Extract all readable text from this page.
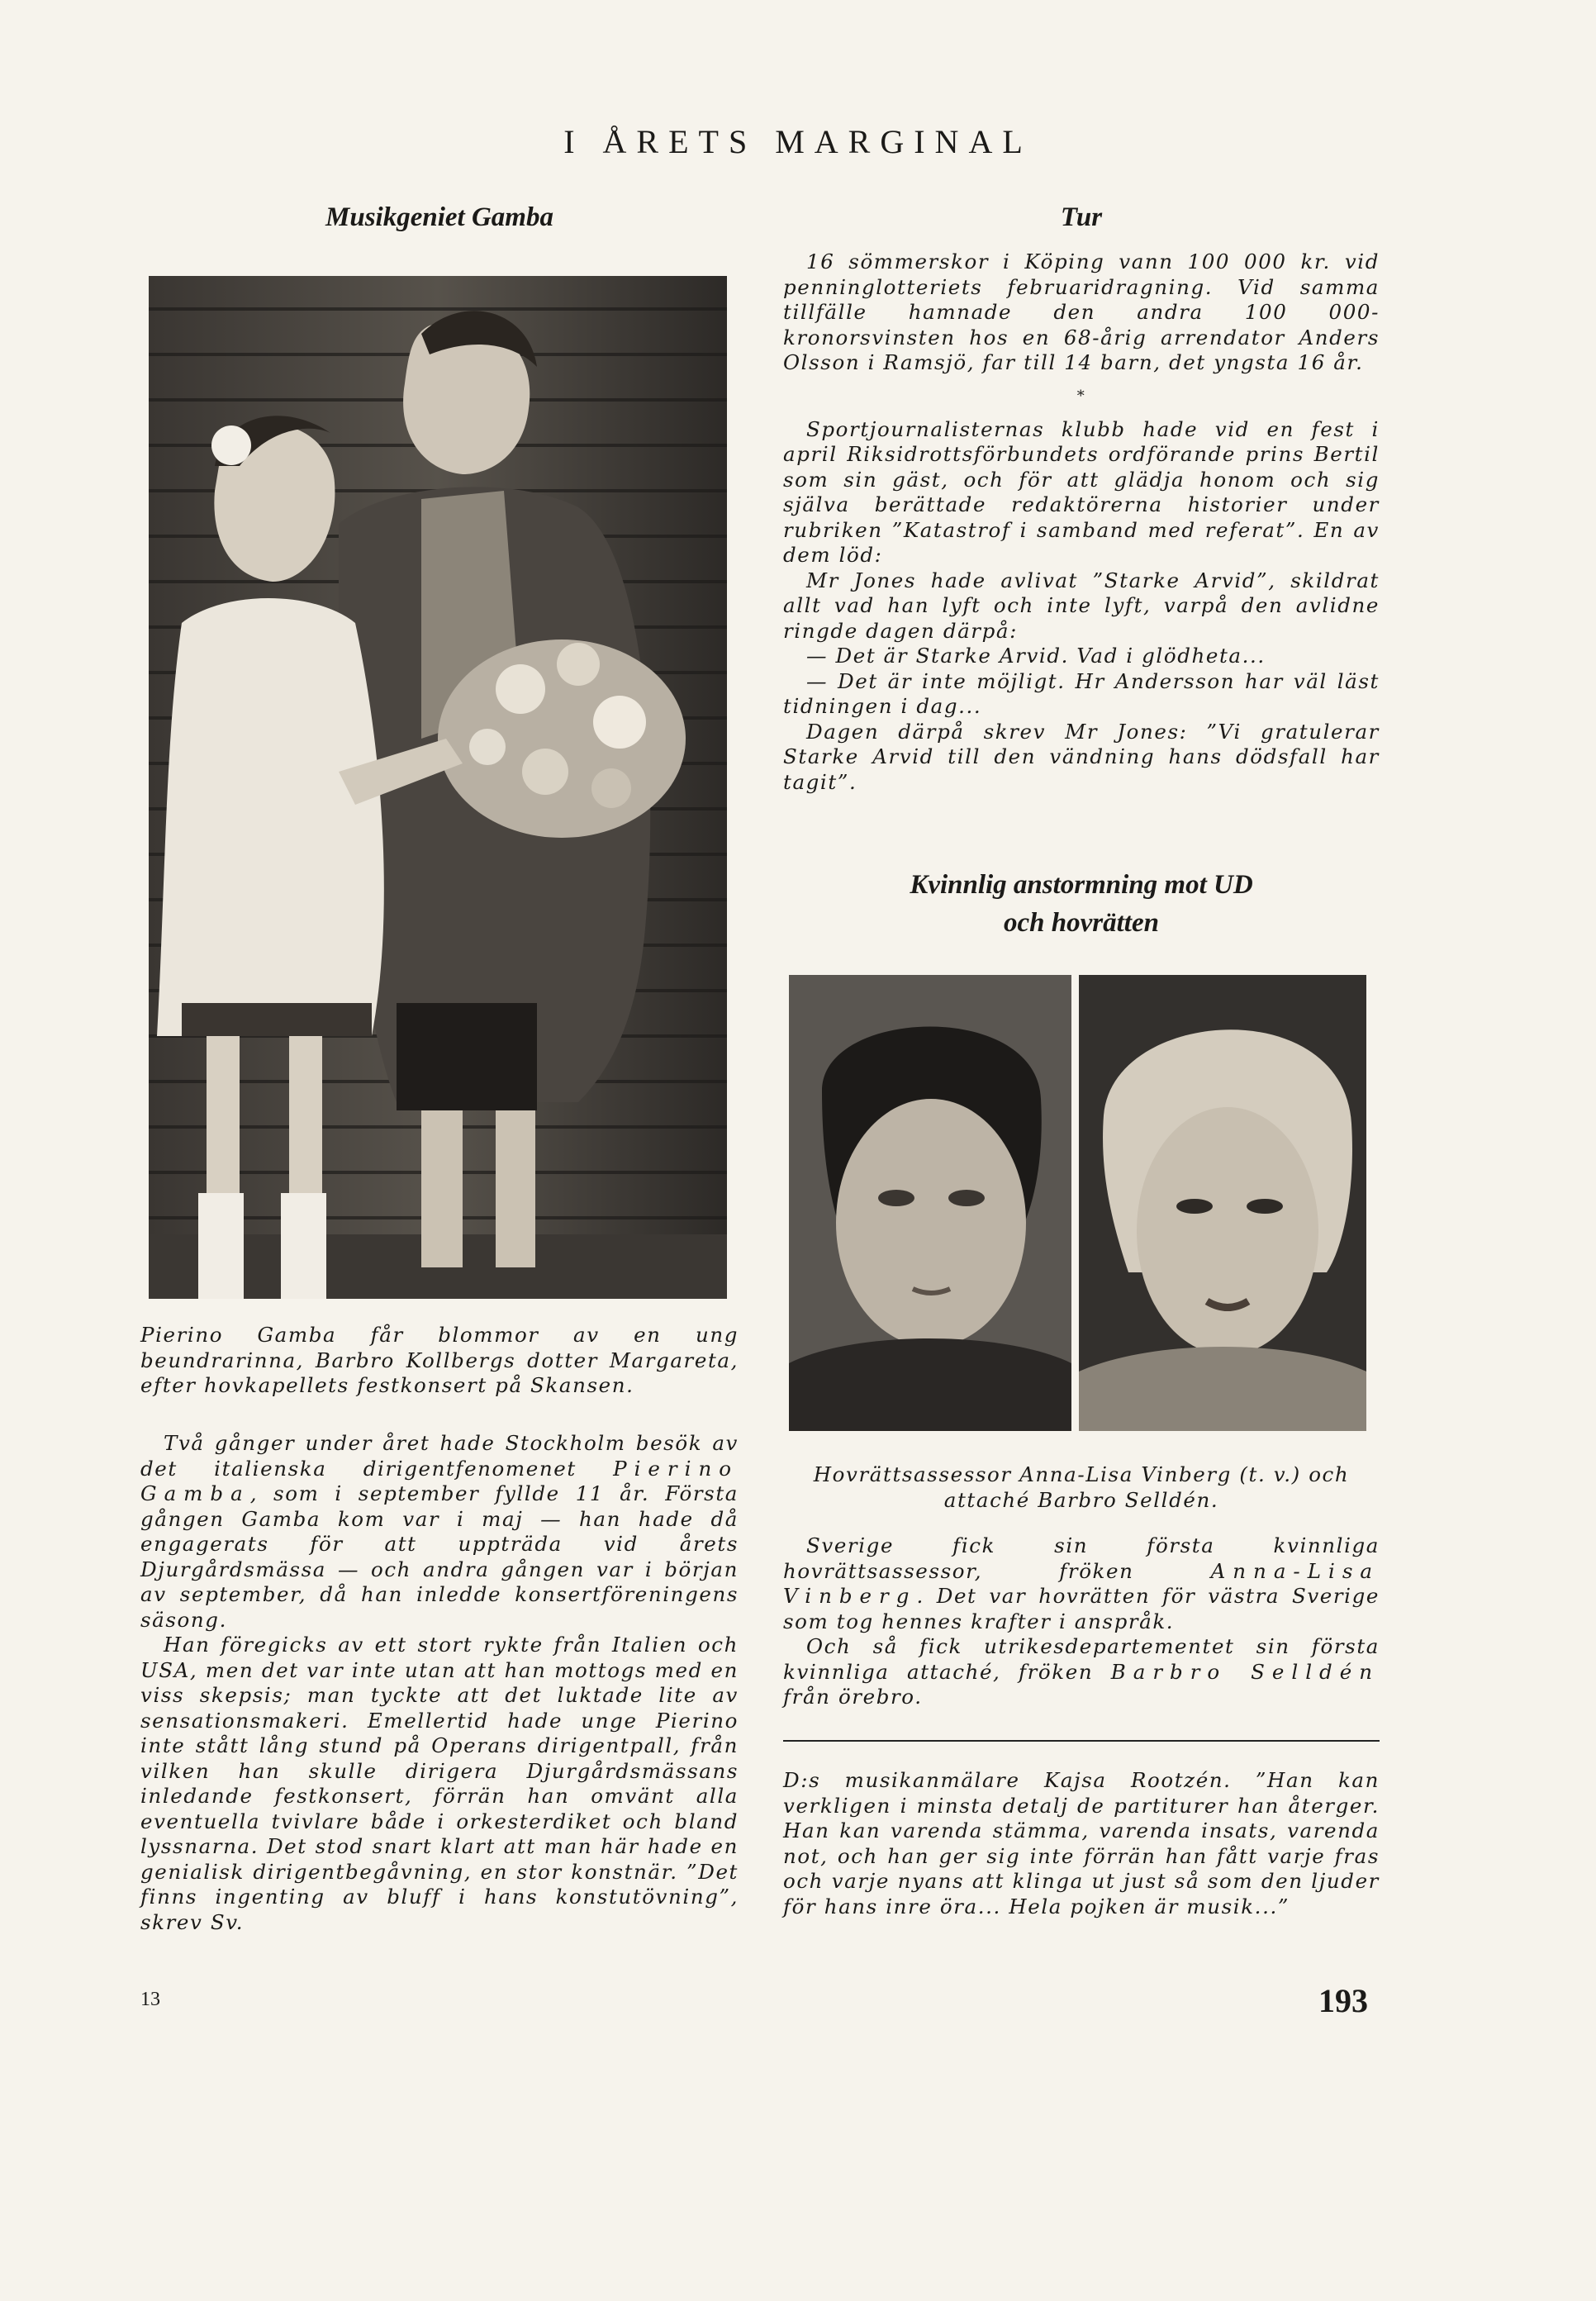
I ÅRETS MARGINAL
Musikgeniet Gamba

Pierino Gamba får blommor av en ung beundrarinna, Barbro Kollbergs dotter Margareta, efter hovkapellets festkonsert på Skansen.

Två gånger under året hade Stockholm besök av det italienska dirigentfenomenet Pierino Gamba, som i september fyllde 11 år. Första gången Gamba kom var i maj — han hade då engagerats för att uppträda vid årets Djurgårdsmässa — och andra gången var i början av september, då han inledde konsertföreningens säsong.

Han föregicks av ett stort rykte från Italien och USA, men det var inte utan att han mottogs med en viss skepsis; man tyckte att det luktade lite av sensationsmakeri. Emellertid hade unge Pierino inte stått lång stund på Operans dirigentpall, från vilken han skulle dirigera Djurgårdsmässans inledande festkonsert, förrän han omvänt alla eventuella tvivlare både i orkesterdiket och bland lyssnarna. Det stod snart klart att man här hade en genialisk dirigentbegåvning, en stor konstnär. ”Det finns ingenting av bluff i hans konstutövning”, skrev Sv.

Tur

16 sömmerskor i Köping vann 100 000 kr. vid penninglotteriets februaridragning. Vid samma tillfälle hamnade den andra 100 000-kronorsvinsten hos en 68-årig arrendator Anders Olsson i Ramsjö, far till 14 barn, det yngsta 16 år.

*

Sportjournalisternas klubb hade vid en fest i april Riksidrottsförbundets ordförande prins Bertil som sin gäst, och för att glädja honom och sig själva berättade redaktörerna historier under rubriken ”Katastrof i samband med referat”. En av dem löd:

Mr Jones hade avlivat ”Starke Arvid”, skildrat allt vad han lyft och inte lyft, varpå den avlidne ringde dagen därpå:

— Det är Starke Arvid. Vad i glödheta...

— Det är inte möjligt. Hr Andersson har väl läst tidningen i dag...

Dagen därpå skrev Mr Jones: ”Vi gratulerar Starke Arvid till den vändning hans dödsfall har tagit”.

Kvinnlig anstormning mot UD
och hovrätten

Hovrättsassessor Anna-Lisa Vinberg (t. v.) och attaché Barbro Selldén.

Sverige fick sin första kvinnliga hovrättsassessor, fröken Anna-Lisa Vinberg. Det var hovrätten för västra Sverige som tog hennes krafter i anspråk.

Och så fick utrikesdepartementet sin första kvinnliga attaché, fröken Barbro Selldén från örebro.

D:s musikanmälare Kajsa Rootzén. ”Han kan verkligen i minsta detalj de partiturer han återger. Han kan varenda stämma, varenda insats, varenda not, och han ger sig inte förrän han fått varje fras och varje nyans att klinga ut just så som den ljuder för hans inre öra... Hela pojken är musik...”

13	193
